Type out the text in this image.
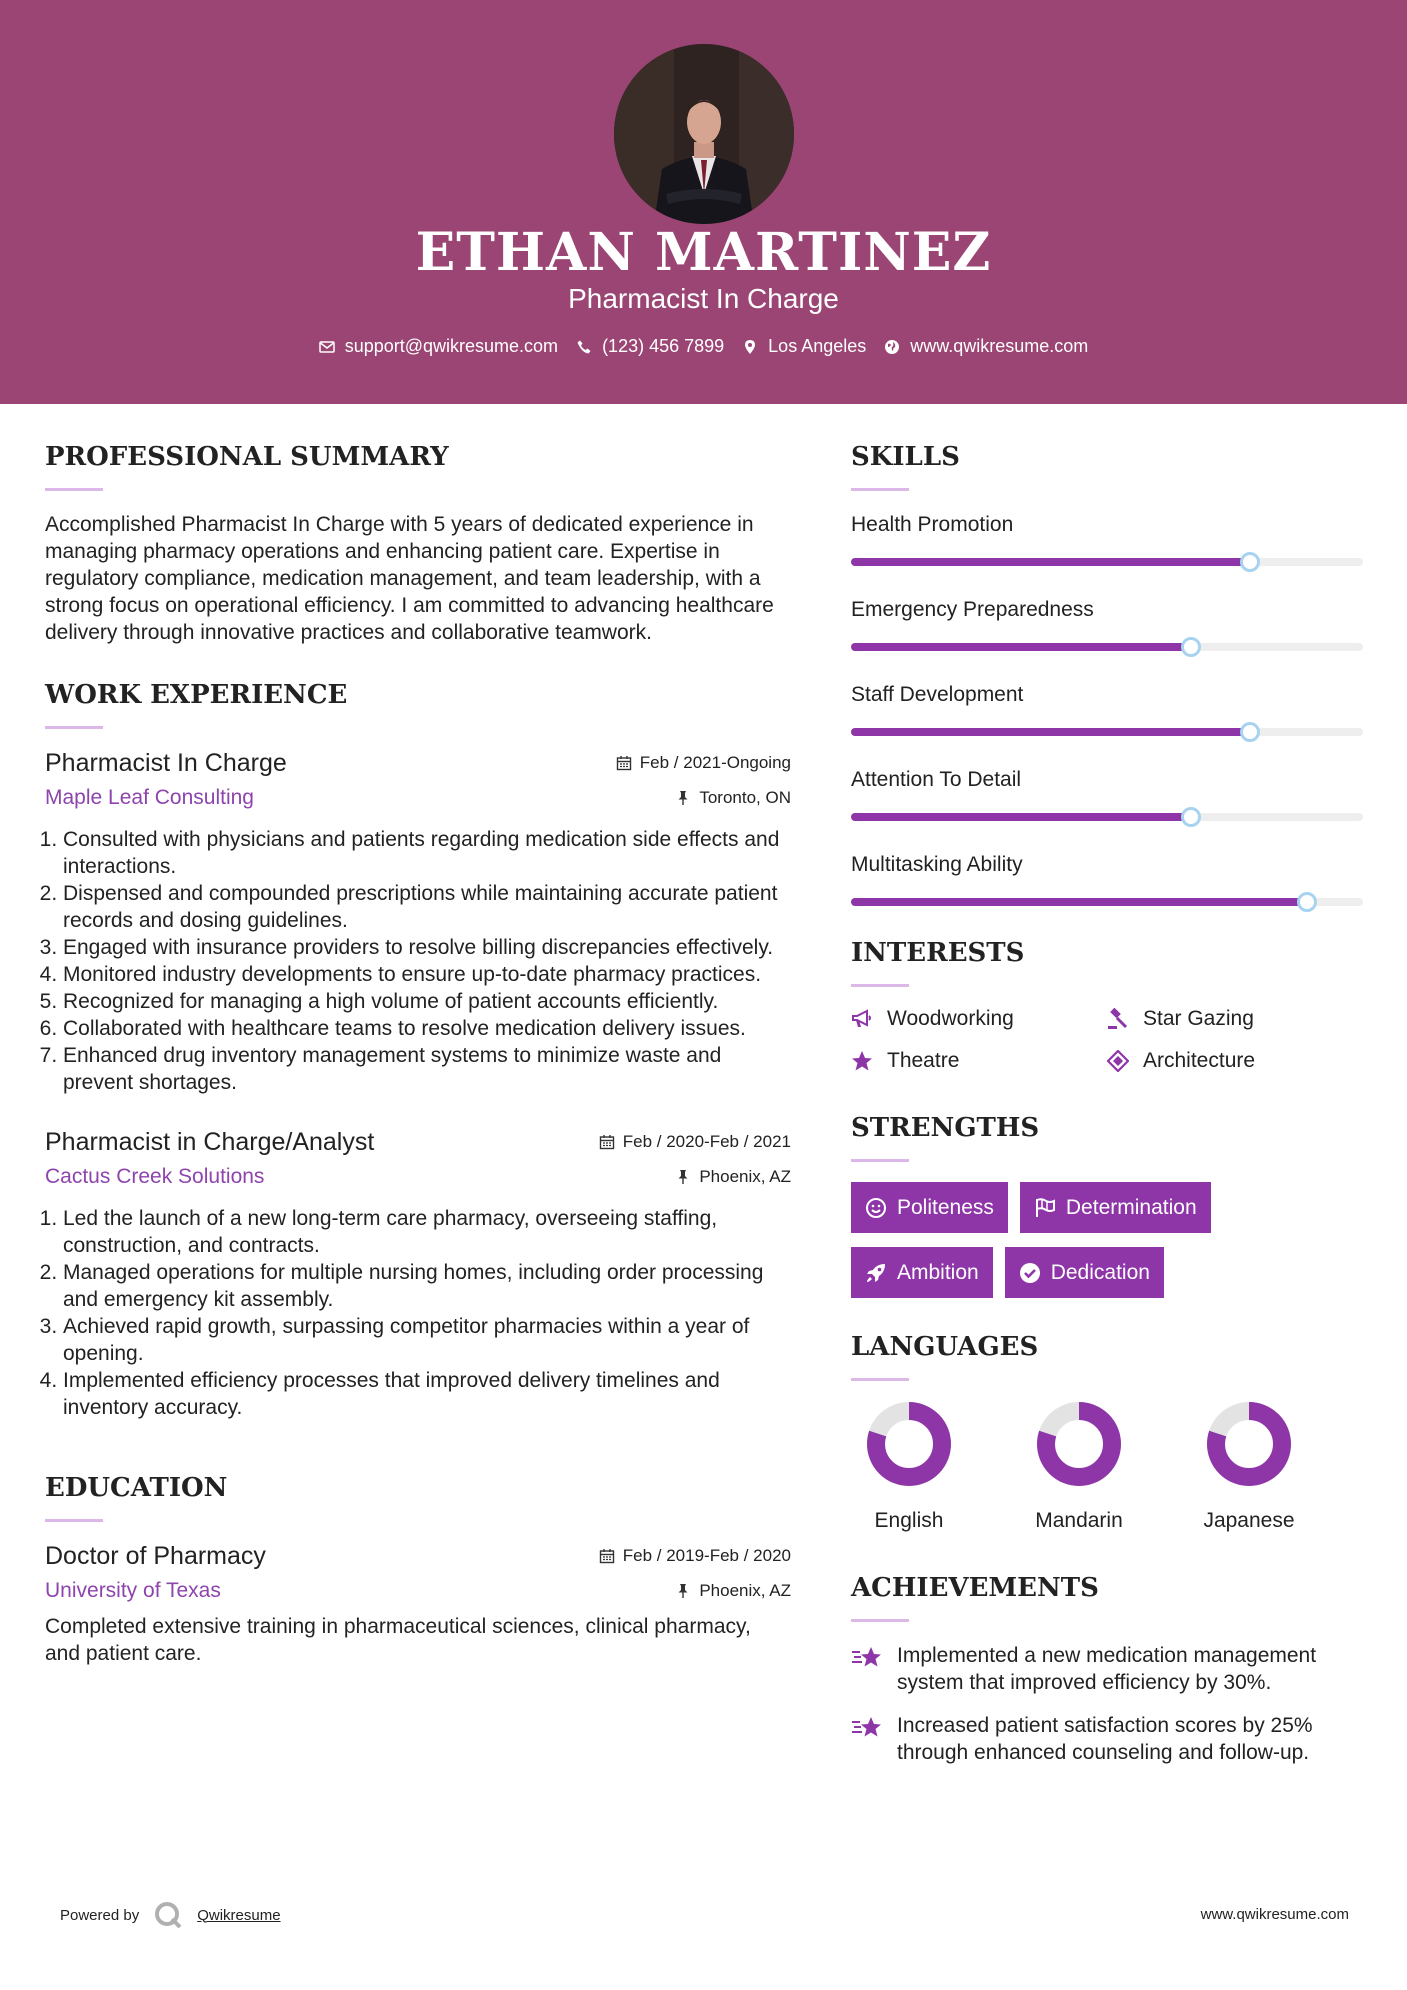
ETHAN MARTINEZ
Pharmacist In Charge
support@qwikresume.com (123) 456 7899 Los Angeles www.qwikresume.com
PROFESSIONAL SUMMARY

Accomplished Pharmacist In Charge with 5 years of dedicated experience in managing pharmacy operations and enhancing patient care. Expertise in regulatory compliance, medication management, and team leadership, with a strong focus on operational efficiency. I am committed to advancing healthcare delivery through innovative practices and collaborative teamwork.

WORK EXPERIENCE
Pharmacist In Charge	Feb / 2021-Ongoing
Maple Leaf Consulting	Toronto, ON
1. Consulted with physicians and patients regarding medication side effects and interactions.
2. Dispensed and compounded prescriptions while maintaining accurate patient records and dosing guidelines.
3. Engaged with insurance providers to resolve billing discrepancies effectively.
4. Monitored industry developments to ensure up-to-date pharmacy practices.
5. Recognized for managing a high volume of patient accounts efficiently.
6. Collaborated with healthcare teams to resolve medication delivery issues.
7. Enhanced drug inventory management systems to minimize waste and prevent shortages.
Pharmacist in Charge/Analyst	Feb / 2020-Feb / 2021
Cactus Creek Solutions	Phoenix, AZ
1. Led the launch of a new long-term care pharmacy, overseeing staffing, construction, and contracts.
2. Managed operations for multiple nursing homes, including order processing and emergency kit assembly.
3. Achieved rapid growth, surpassing competitor pharmacies within a year of opening.
4. Implemented efficiency processes that improved delivery timelines and inventory accuracy.
EDUCATION
Doctor of Pharmacy	Feb / 2019-Feb / 2020
University of Texas	Phoenix, AZ

Completed extensive training in pharmaceutical sciences, clinical pharmacy, and patient care.

SKILLS
Health Promotion
Emergency Preparedness
Staff Development
Attention To Detail
Multitasking Ability
INTERESTS
Woodworking	Star Gazing
Theatre	Architecture
STRENGTHS
Politeness	Determination
Ambition	Dedication
LANGUAGES
English	Mandarin	Japanese
ACHIEVEMENTS
Implemented a new medication management system that improved efficiency by 30%.
Increased patient satisfaction scores by 25% through enhanced counseling and follow-up.
Powered by	Qwikresume	www.qwikresume.com
